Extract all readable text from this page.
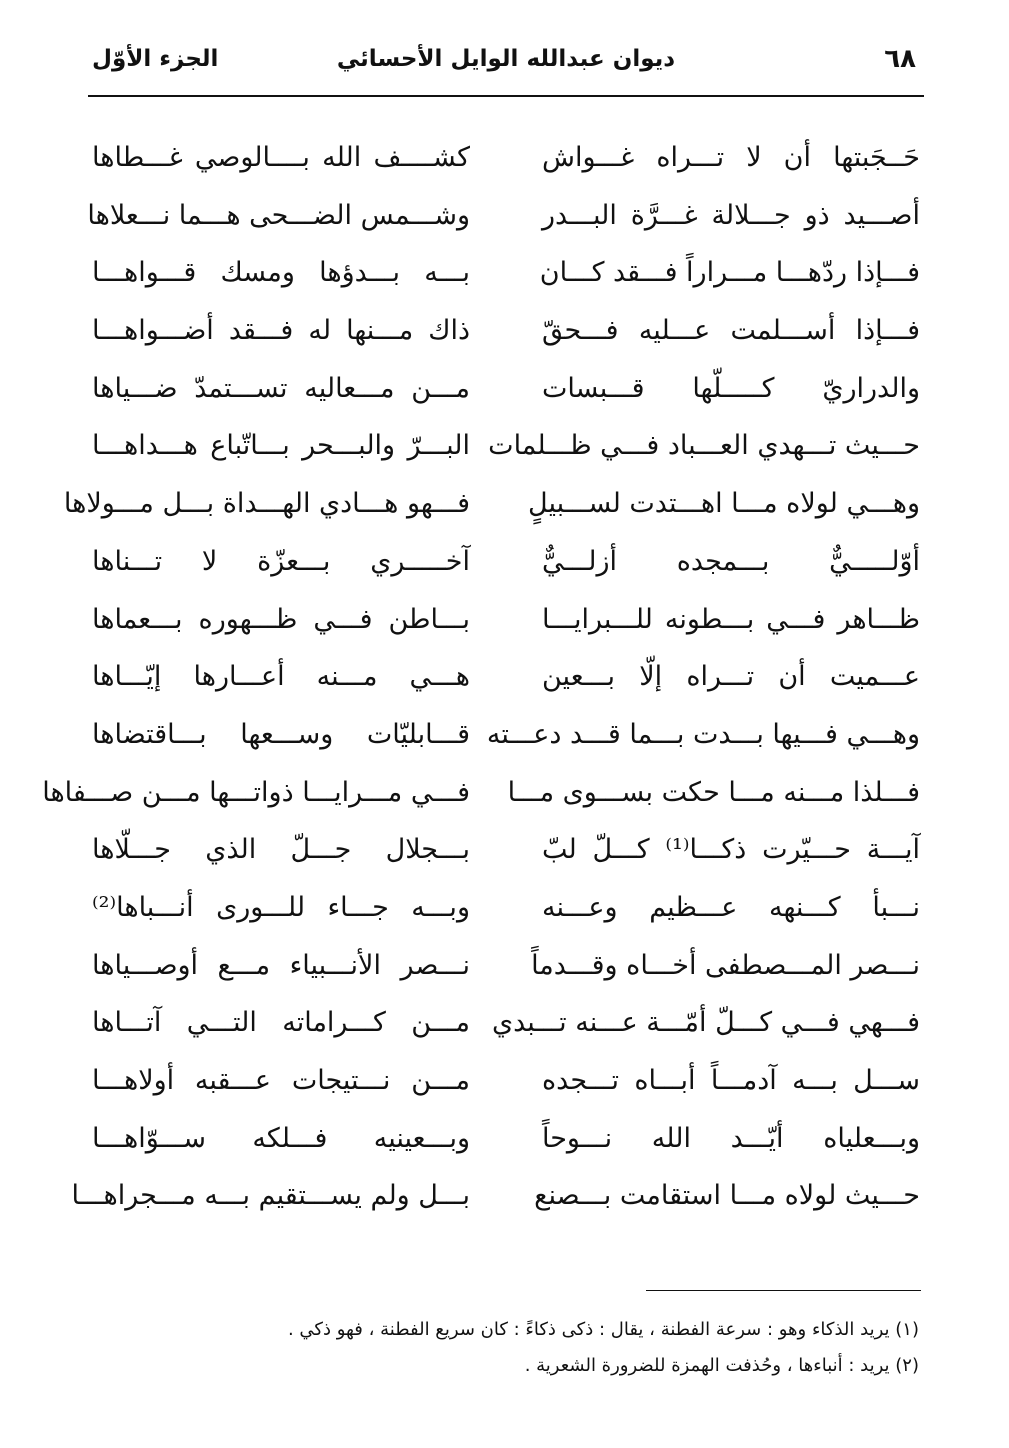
٦٨
ديوان عبدالله الوايل الأحسائي
الجزء الأوّل
حَــجَبتها أن لا تـــراه غـــواش
كشــــف الله بــــالوصي غـــطاها
أصـــيد ذو جـــلالة غـــرَّة البـــدر
وشـــمس الضـــحى هـــما نـــعلاها
فـــإذا ردّهـــا مـــراراً فـــقد كـــان
بـــه بـــدؤها ومسك قـــواهـــا
فـــإذا أســـلمت عـــليه فـــحقّ
ذاك مـــنها له فـــقد أضـــواهـــا
والدراريّ كـــــلّها قـــبسات
مـــن مـــعاليه تســـتمدّ ضـــياها
حـــيث تـــهدي العـــباد فـــي ظـــلمات
البـــرّ والبـــحر بـــاتّباع هـــداهـــا
وهـــي لولاه مـــا اهـــتدت لســـبيلٍ
فـــهو هـــادي الهـــداة بـــل مـــولاها
أوّلـــــيٌّ بـــمجده أزلـــيٌّ
آخـــــري بـــعزّة لا تـــناها
ظـــاهر فـــي بـــطونه للـــبرايـــا
بـــاطن فـــي ظـــهوره بـــعماها
عـــميت أن تـــراه إلّا بـــعين
هـــي مـــنه أعـــارها إيّـــاها
وهـــي فـــيها بـــدت بـــما قـــد دعـــته
قـــابليّات وســـعها بـــاقتضاها
فـــلذا مـــنه مـــا حكت بســـوى مـــا
فـــي مـــرايـــا ذواتـــها مـــن صـــفاها
آيـــة حـــيّرت ذكـــا⁽¹⁾ كـــلّ لبّ
بـــجلال جـــلّ الذي جـــلّاها
نـــبأ كـــنهه عـــظيم وعـــنه
وبـــه جـــاء للـــورى أنـــباها⁽²⁾
نـــصر المـــصطفى أخـــاه وقـــدماً
نـــصر الأنـــبياء مـــع أوصـــياها
فـــهي فـــي كـــلّ أمّـــة عـــنه تـــبدي
مـــن كـــراماته التـــي آتـــاها
ســـل بـــه آدمـــاً أبـــاه تـــجده
مـــن نـــتيجات عـــقبه أولاهـــا
وبـــعلياه أيّـــد الله نـــوحاً
وبـــعينيه فـــلكه ســـوّاهـــا
حـــيث لولاه مـــا استقامت بـــصنع
بـــل ولم يســـتقيم بـــه مـــجراهـــا
(١) يريد الذكاء وهو : سرعة الفطنة ، يقال : ذكى ذكاءً : كان سريع الفطنة ، فهو ذكي .
(٢) يريد : أنباءها ، وحُذفت الهمزة للضرورة الشعرية .
